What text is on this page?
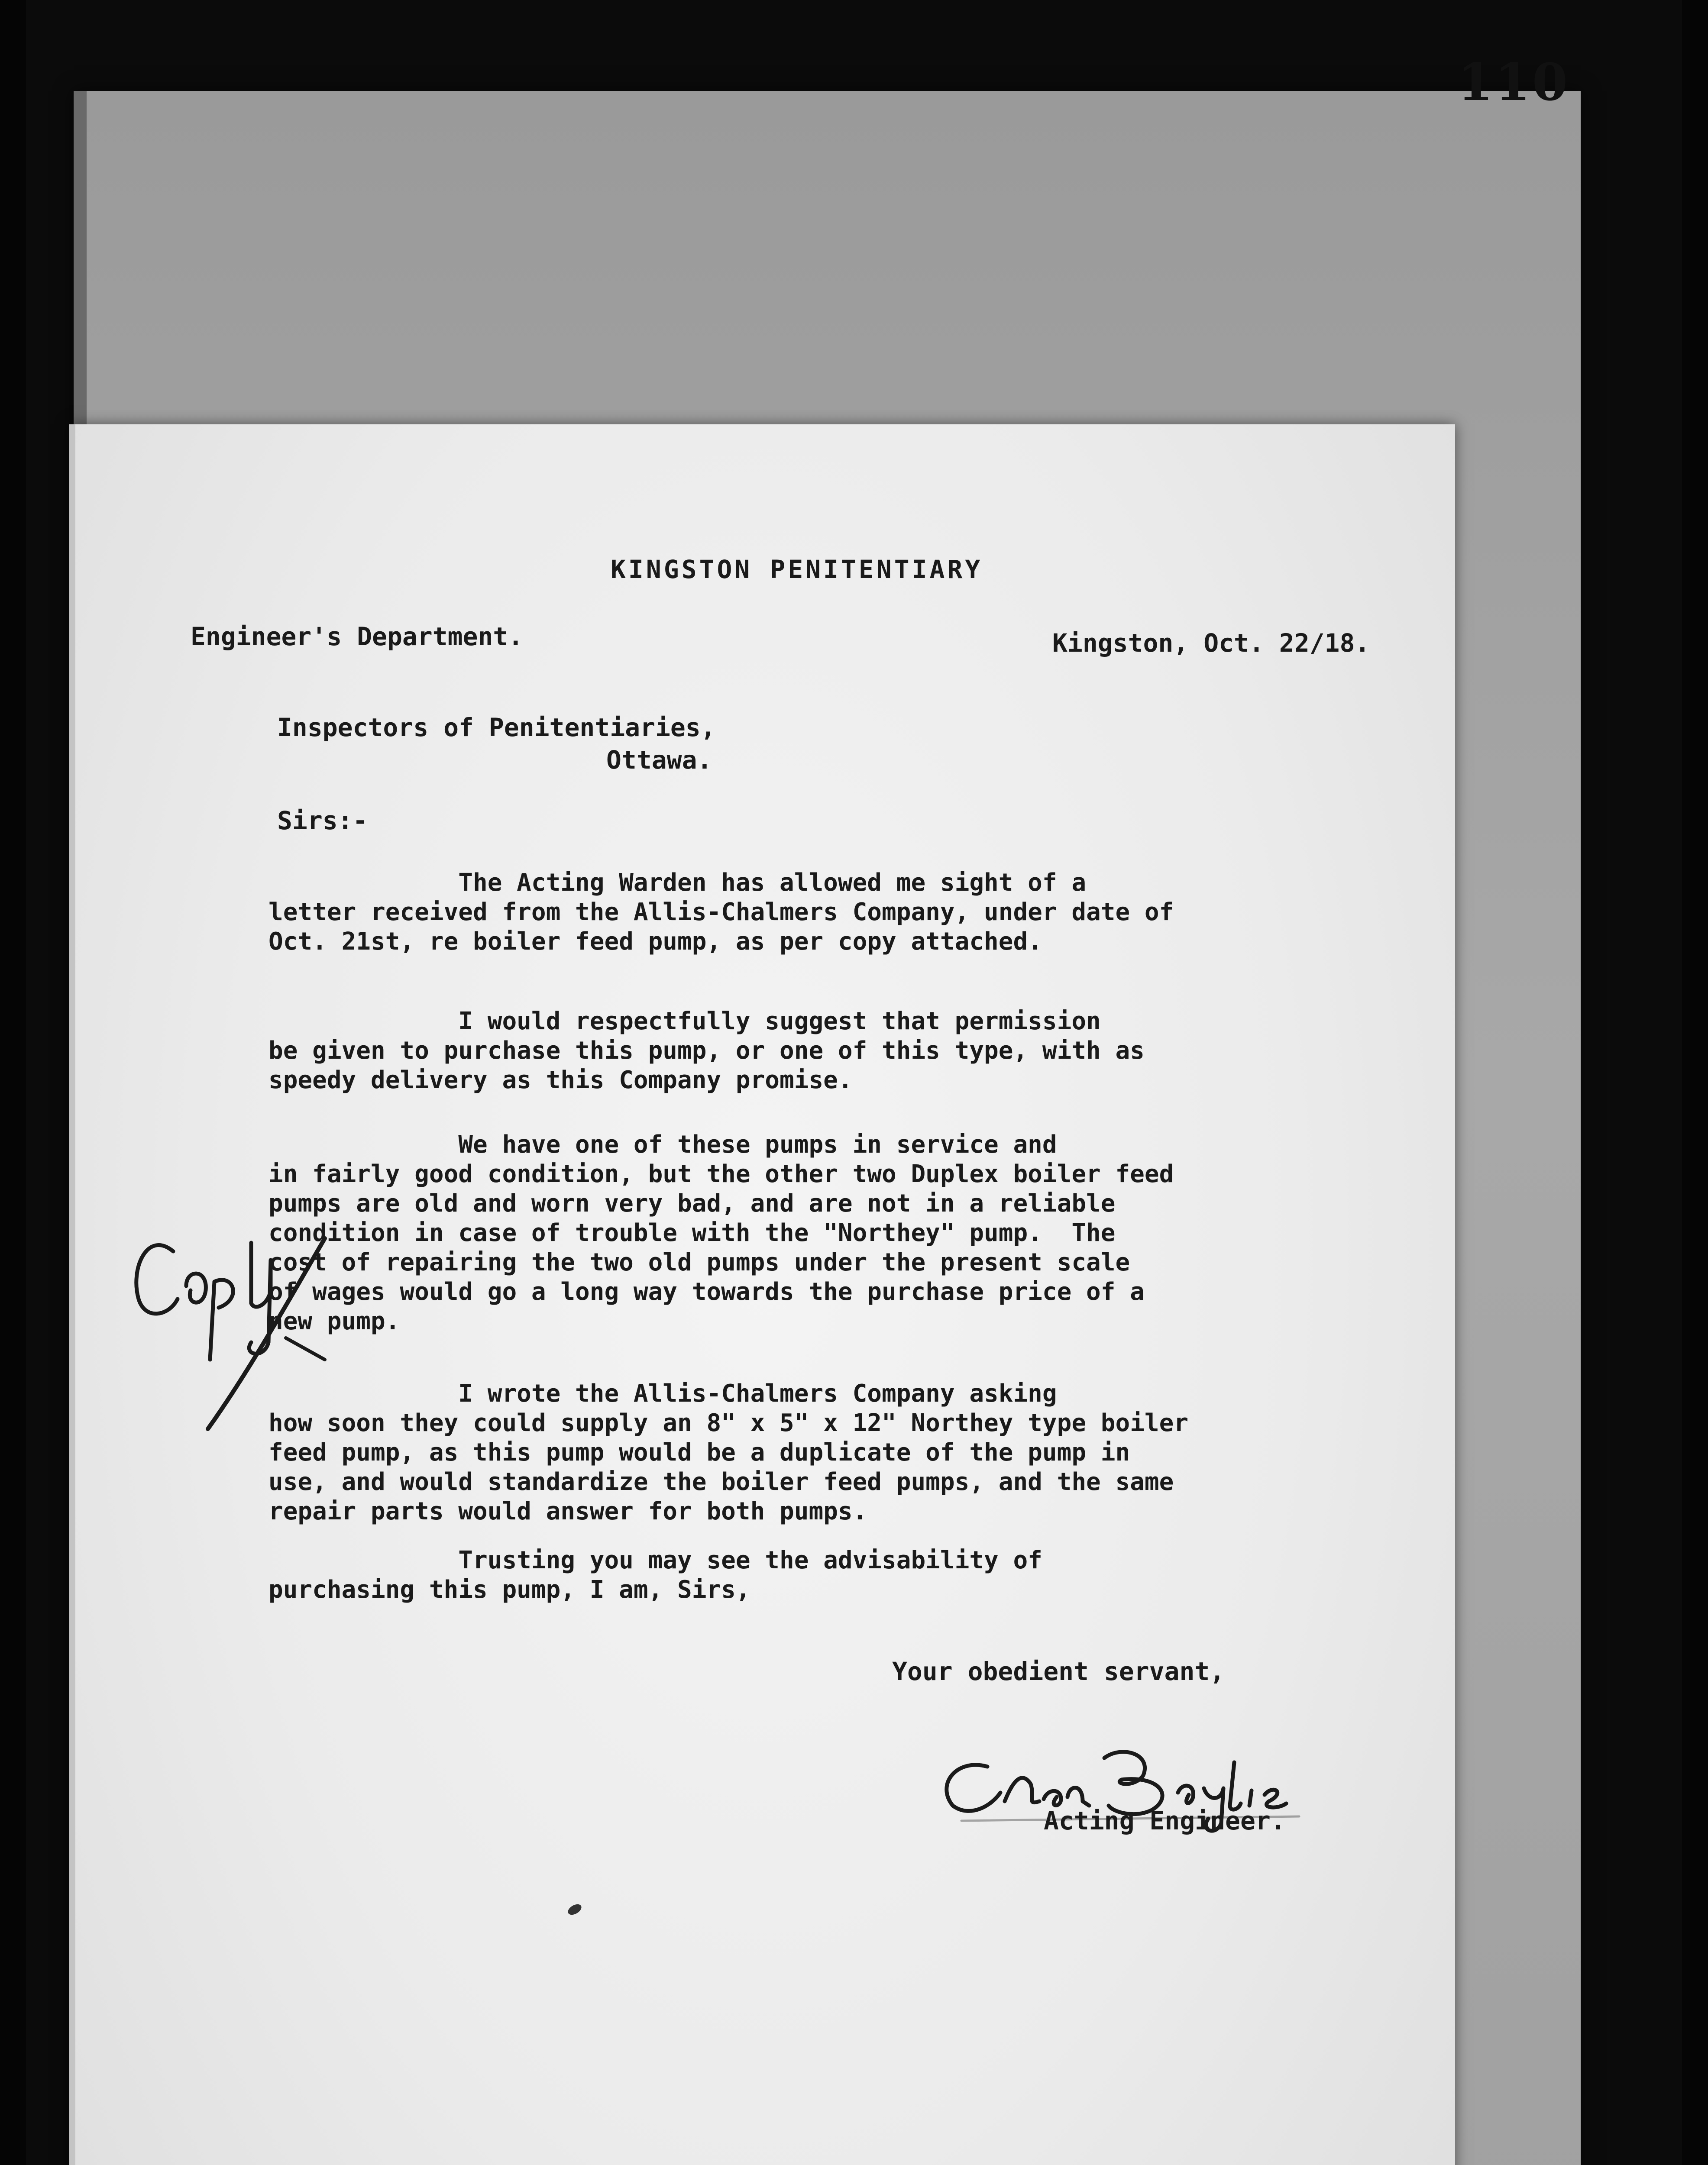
110
KINGSTON PENITENTIARY
Engineer's Department.	Kingston, Oct. 22/18.
Inspectors of Penitentiaries,
Ottawa.
Sirs:-
The Acting Warden has allowed me sight of a
letter received from the Allis-Chalmers Company, under date of
Oct. 21st, re boiler feed pump, as per copy attached.
I would respectfully suggest that permission
be given to purchase this pump, or one of this type, with as
speedy delivery as this Company promise.
We have one of these pumps in service and
in fairly good condition, but the other two Duplex boiler feed
pumps are old and worn very bad, and are not in a reliable
condition in case of trouble with the "Northey" pump.  The
cost of repairing the two old pumps under the present scale
of wages would go a long way towards the purchase price of a
new pump.
I wrote the Allis-Chalmers Company asking
how soon they could supply an 8" x 5" x 12" Northey type boiler
feed pump, as this pump would be a duplicate of the pump in
use, and would standardize the boiler feed pumps, and the same
repair parts would answer for both pumps.
Trusting you may see the advisability of
purchasing this pump, I am, Sirs,
Your obedient servant,
Acting Engineer.
